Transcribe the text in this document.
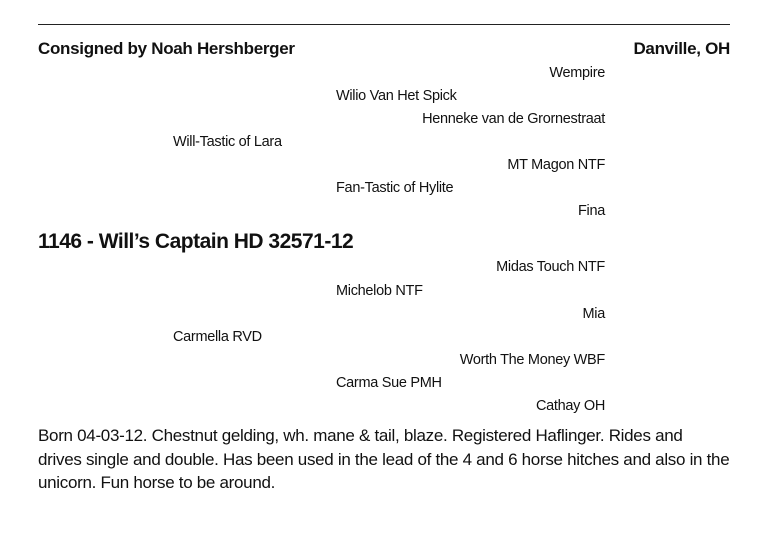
Consigned by Noah Hershberger	Danville, OH
Wempire
Wilio Van Het Spick
Henneke van de Grornestraat
Will-Tastic of Lara
MT Magon NTF
Fan-Tastic of Hylite
Fina
1146 - Will’s Captain HD 32571-12
Midas Touch NTF
Michelob NTF
Mia
Carmella RVD
Worth The Money WBF
Carma Sue PMH
Cathay OH
Born 04-03-12. Chestnut gelding, wh. mane & tail, blaze. Registered Haflinger. Rides and drives single and double. Has been used in the lead of the 4 and 6 horse hitches and also in the unicorn. Fun horse to be around.
